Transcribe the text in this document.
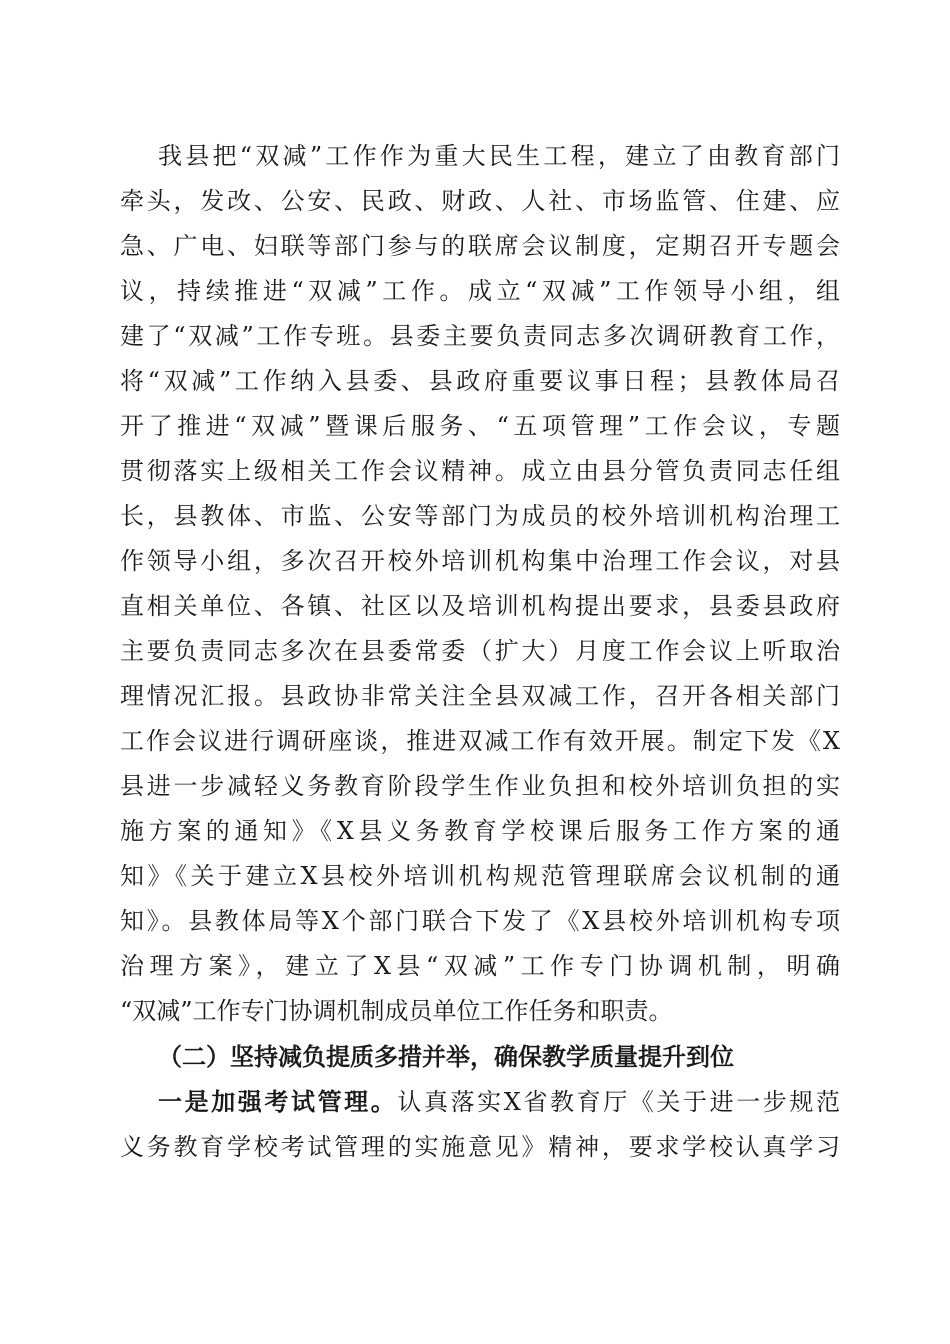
我县把“双减”工作作为重大民生工程，建立了由教育部门
牵头，发改、公安、民政、财政、人社、市场监管、住建、应
急、广电、妇联等部门参与的联席会议制度，定期召开专题会
议，持续推进“双减”工作。成立“双减”工作领导小组，组
建了“双减”工作专班。县委主要负责同志多次调研教育工作，
将“双减”工作纳入县委、县政府重要议事日程；县教体局召
开了推进“双减”暨课后服务、“五项管理”工作会议，专题
贯彻落实上级相关工作会议精神。成立由县分管负责同志任组
长，县教体、市监、公安等部门为成员的校外培训机构治理工
作领导小组，多次召开校外培训机构集中治理工作会议，对县
直相关单位、各镇、社区以及培训机构提出要求，县委县政府
主要负责同志多次在县委常委（扩大）月度工作会议上听取治
理情况汇报。县政协非常关注全县双减工作，召开各相关部门
工作会议进行调研座谈，推进双减工作有效开展。制定下发《X
县进一步减轻义务教育阶段学生作业负担和校外培训负担的实
施方案的通知》《X县义务教育学校课后服务工作方案的通
知》《关于建立X县校外培训机构规范管理联席会议机制的通
知》。县教体局等X个部门联合下发了《X县校外培训机构专项
治理方案》，建立了X县“双减”工作专门协调机制，明确
“双减”工作专门协调机制成员单位工作任务和职责。
（二）坚持减负提质多措并举，确保教学质量提升到位
一是加强考试管理。认真落实X省教育厅《关于进一步规范
义务教育学校考试管理的实施意见》精神，要求学校认真学习
